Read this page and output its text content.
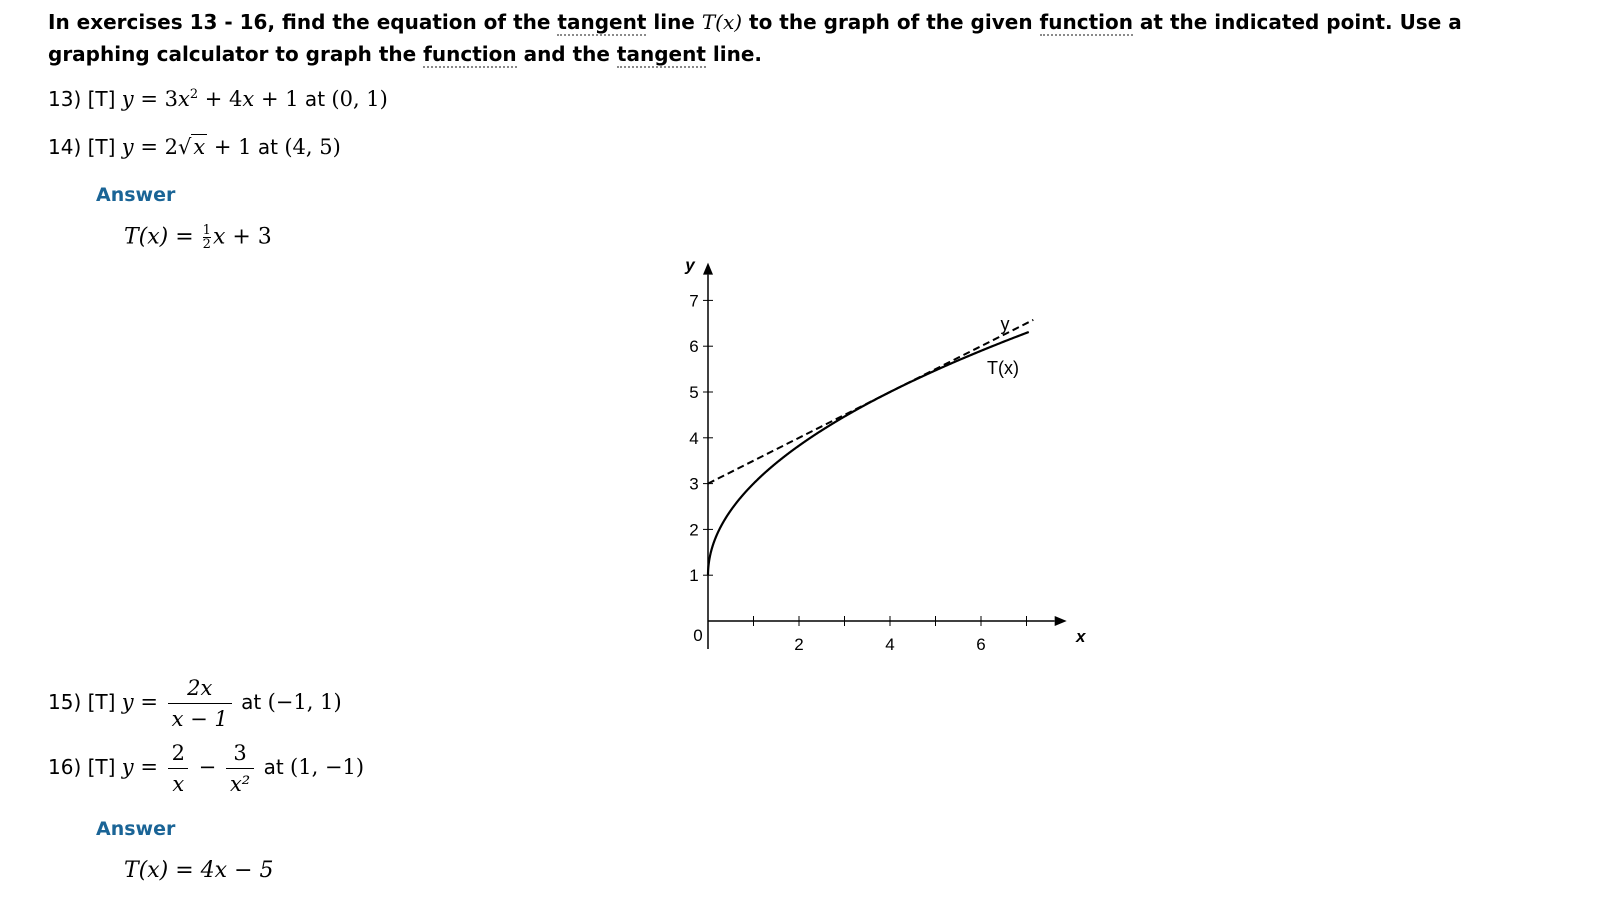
In exercises 13 - 16, find the equation of the tangent line T(x) to the graph of the given function at the indicated point. Use a graphing calculator to graph the function and the tangent line.
13) [T] $y = 3x^2 + 4x + 1$ at (0, 1)
14) [T] y = 2√x + 1 at (4, 5)
Answer
$T(x) = \frac{1}{2}$ x + 3
15) [T] $y = \frac{2x}{x - 1}$ at (−1, 1)
16) [T] $y = \frac{2}{x} - \frac{3}{\text{x²}}$ at (1, −1)
Answer
T(x) = 4x − 5
2	4	6
1
2
3
4
5
6
7
0	x
y
y
T(x)
